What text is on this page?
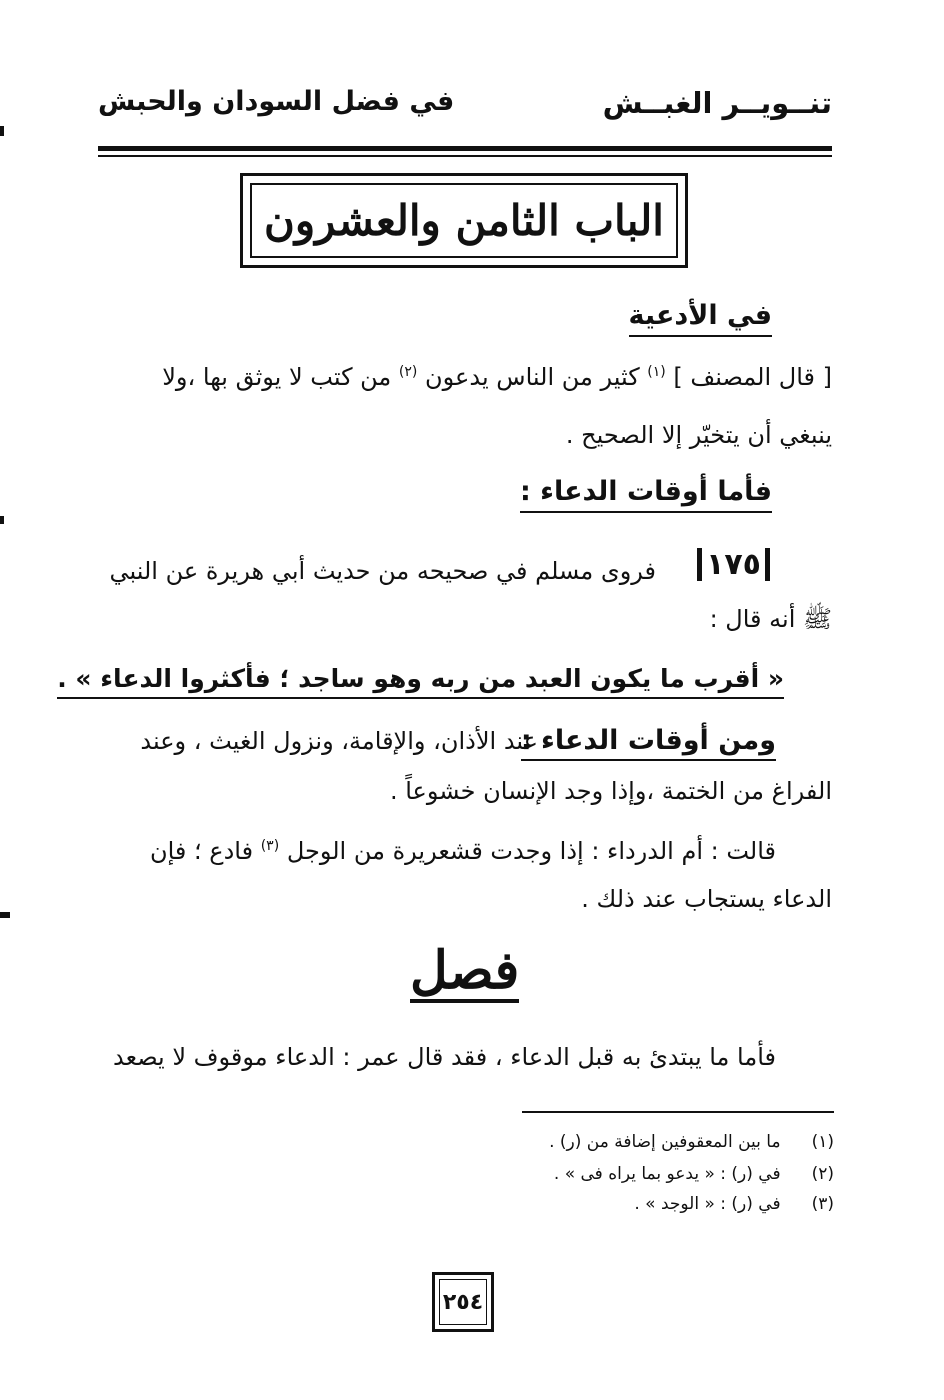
تنــويــر الغبــش
في فضل السودان والحبش
الباب الثامن والعشرون
في الأدعية
[ قال المصنف ] $^{(١)}$ كثير من الناس يدعون $^{(٢)}$ من كتب لا يوثق بها ،ولا
ينبغي أن يتخيّر إلا الصحيح .
فأما أوقات الدعاء :
١٧٥
فروى مسلم في صحيحه من حديث أبي هريرة عن النبي
ﷺ أنه قال :
« أقرب ما يكون العبد من ربه وهو ساجد ؛ فأكثروا الدعاء » .
ومن أوقات الدعاء :
عند الأذان، والإقامة، ونزول الغيث ، وعند
الفراغ من الختمة ،وإذا وجد الإنسان خشوعاً .
قالت : أم الدرداء : إذا وجدت قشعريرة من الوجل $^{(٣)}$ فادع ؛ فإن
الدعاء يستجاب عند ذلك .
فصل
فأما ما يبتدئ به قبل الدعاء ، فقد قال عمر : الدعاء موقوف لا يصعد
(١) ما بين المعقوفين إضافة من (ر) .
(٢) في (ر) : « يدعو بما يراه فى » .
(٣) في (ر) : « الوجد » .
٢٥٤
